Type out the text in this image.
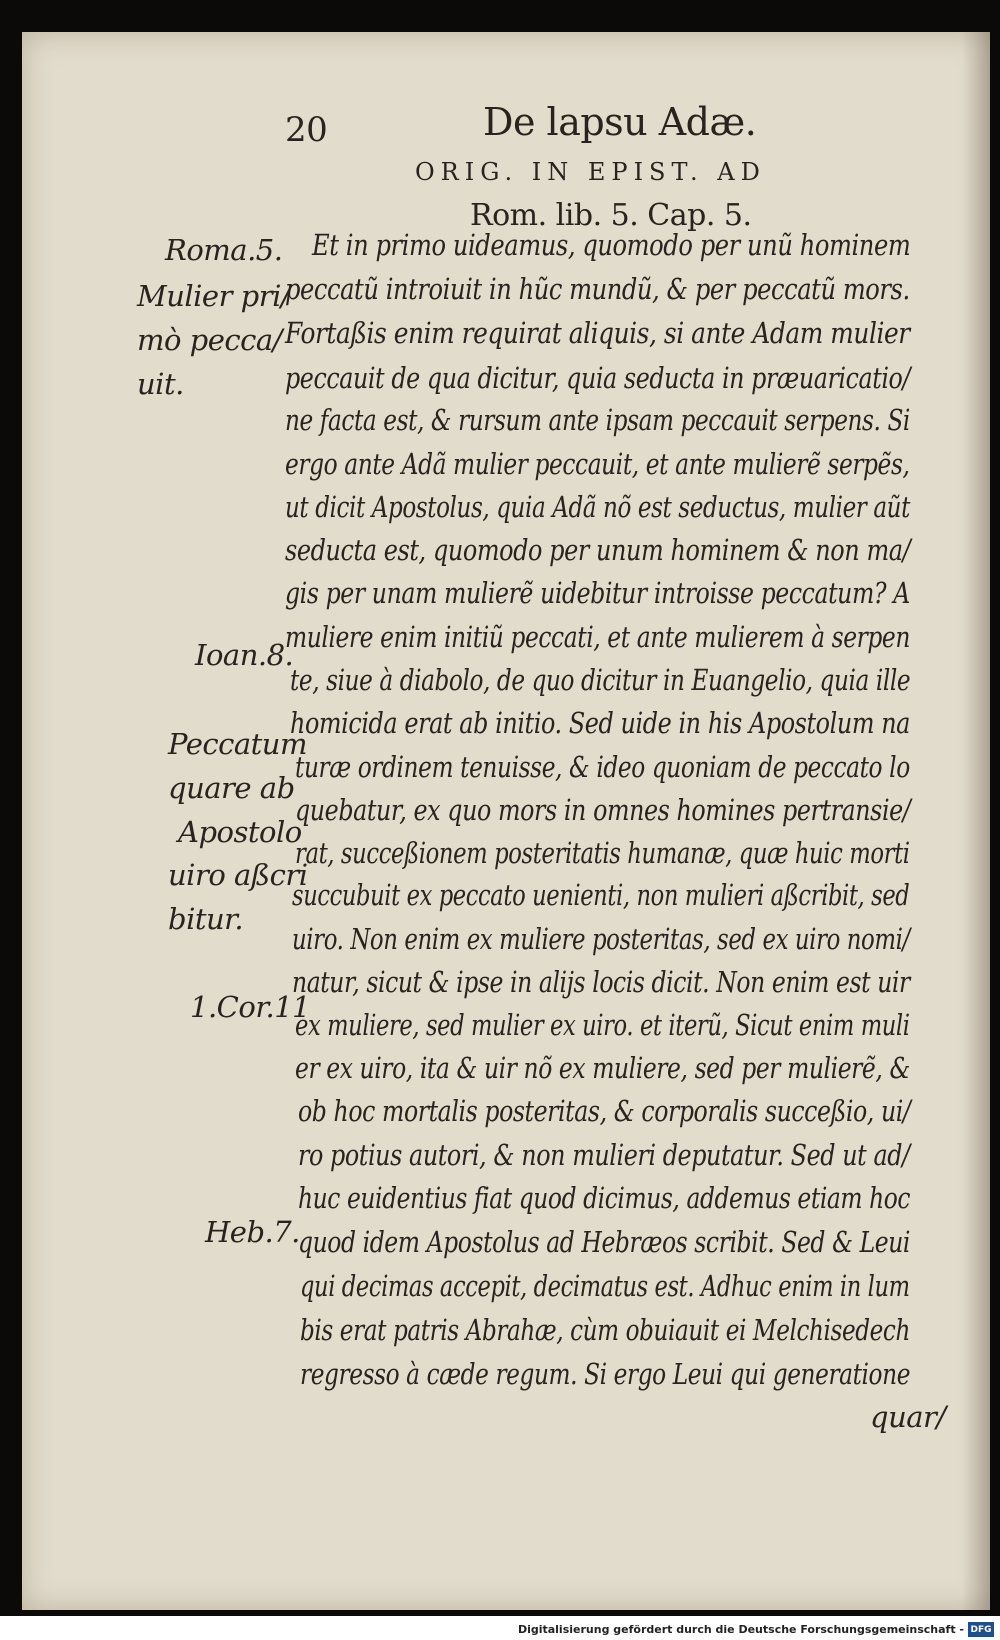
20	De lapsu Adæ.
ORIG. IN EPIST. AD
Rom. lib. 5. Cap. 5.
Et in primo uideamus, quomodo per unũ hominem
peccatũ introiuit in hũc mundũ, & per peccatũ mors.
Fortaßis enim requirat aliquis, si ante Adam mulier
peccauit de qua dicitur, quia seducta in præuaricatio/
ne facta est, & rursum ante ipsam peccauit serpens. Si
ergo ante Adã mulier peccauit, et ante mulierẽ serpẽs,
ut dicit Apostolus, quia Adã nõ est seductus, mulier aũt
seducta est, quomodo per unum hominem & non ma/
gis per unam mulierẽ uidebitur introisse peccatum? A
muliere enim initiũ peccati, et ante mulierem à serpen
te, siue à diabolo, de quo dicitur in Euangelio, quia ille
homicida erat ab initio. Sed uide in his Apostolum na
turæ ordinem tenuisse, & ideo quoniam de peccato lo
quebatur, ex quo mors in omnes homines pertransie/
rat, succeßionem posteritatis humanæ, quæ huic morti
succubuit ex peccato uenienti, non mulieri aßcribit, sed
uiro. Non enim ex muliere posteritas, sed ex uiro nomi/
natur, sicut & ipse in alijs locis dicit. Non enim est uir
ex muliere, sed mulier ex uiro. et iterũ, Sicut enim muli
er ex uiro, ita & uir nõ ex muliere, sed per mulierẽ, &
ob hoc mortalis posteritas, & corporalis succeßio, ui/
ro potius autori, & non mulieri deputatur. Sed ut ad/
huc euidentius fiat quod dicimus, addemus etiam hoc
quod idem Apostolus ad Hebræos scribit. Sed & Leui
qui decimas accepit, decimatus est. Adhuc enim in lum
bis erat patris Abrahæ, cùm obuiauit ei Melchisedech
regresso à cæde regum. Si ergo Leui qui generatione
quar/
Roma.5.
Mulier pri/
mò pecca/
uit.
Ioan.8.
Peccatum
quare ab
Apostolo
uiro aßcri
bitur.
1.Cor.11
Heb.7.
Digitalisierung gefördert durch die Deutsche Forschungsgemeinschaft - DFG
